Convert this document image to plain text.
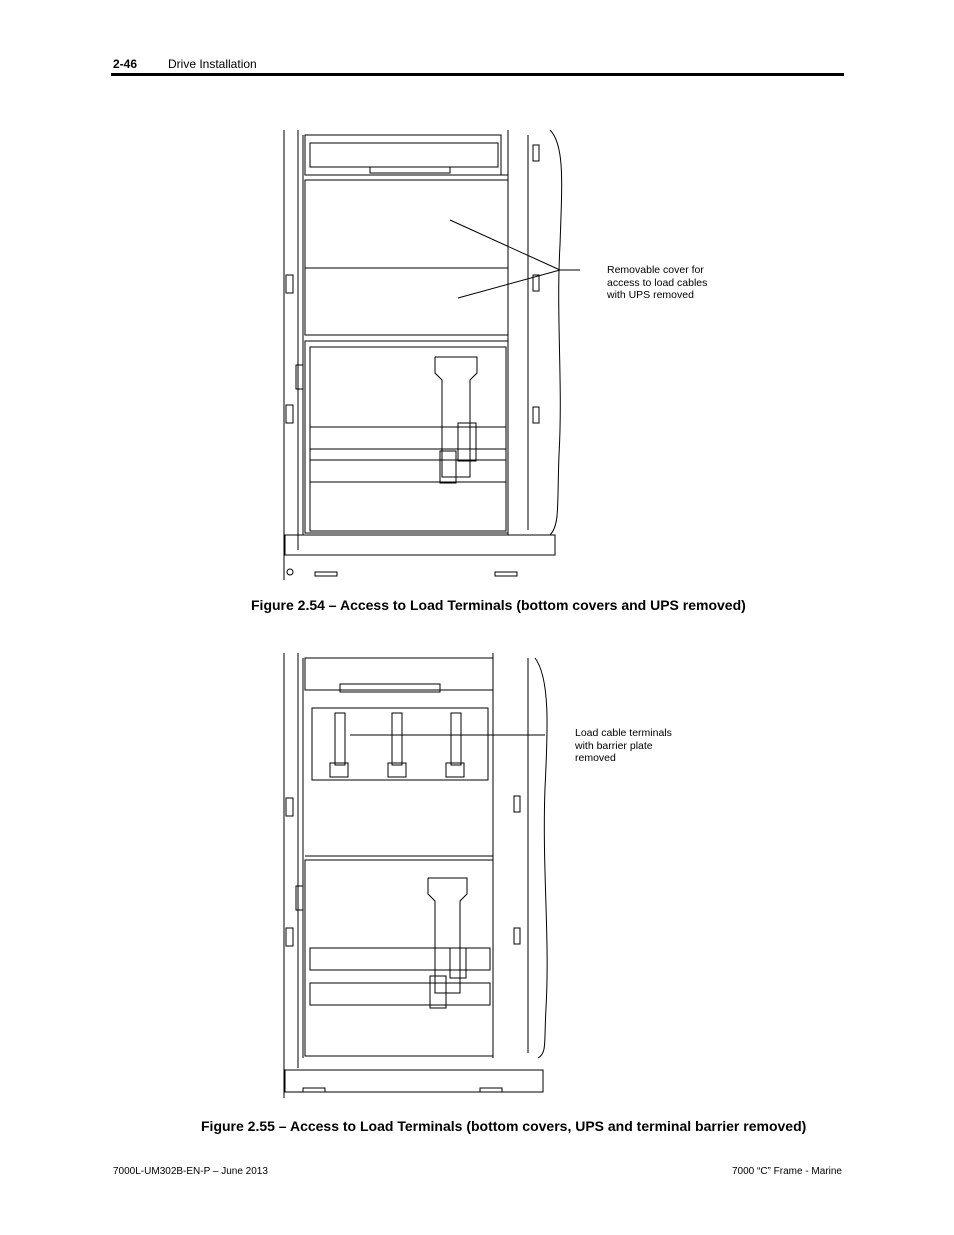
2-46	Drive Installation
Removable cover for
access to load cables
with UPS removed
Figure 2.54 – Access to Load Terminals (bottom covers and UPS removed)
Load cable terminals
with barrier plate
removed
Figure 2.55 – Access to Load Terminals (bottom covers, UPS and terminal barrier removed)
7000L-UM302B-EN-P – June 2013	7000 “C” Frame - Marine
